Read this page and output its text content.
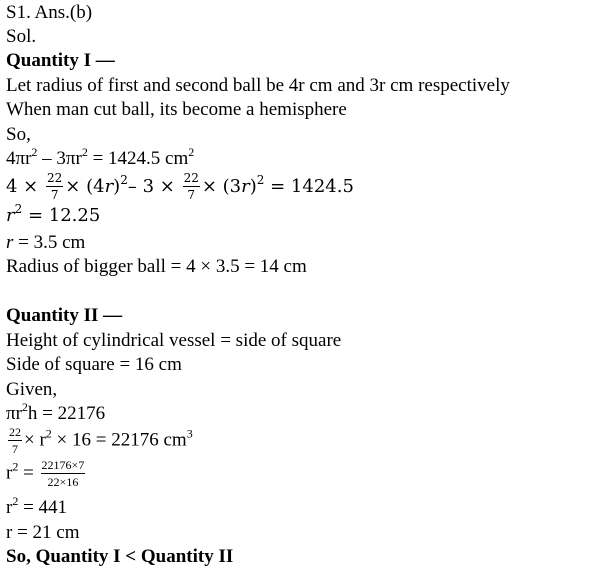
S1. Ans.(b)
Sol.
Quantity I —
Let radius of first and second ball be 4r cm and 3r cm respectively
When man cut ball, its become a hemisphere
So,
$4\pi r^2 - 3\pi r^2 = 1424.5$ $cm^2$
$4 \times \frac{22}{7} \times (4r)^2-$ $3 \times \frac{22}{7} \times (3r)^2 = 1424.5$
$r^2 = 12.25$
r = 3.5 cm
Radius of bigger ball = 4 × 3.5 = 14 cm
Quantity II —
Height of cylindrical vessel = side of square
Side of square = 16 cm
Given,
$\pi r^2h = 22176$
$\frac{22}{7} \times r^2 \times 16 = 22176$ $cm^3$
$r^2 = \frac{22176\times 7}{22\times 16}$
$r^2 = 441$
r = 21 cm
So, Quantity I < Quantity II
